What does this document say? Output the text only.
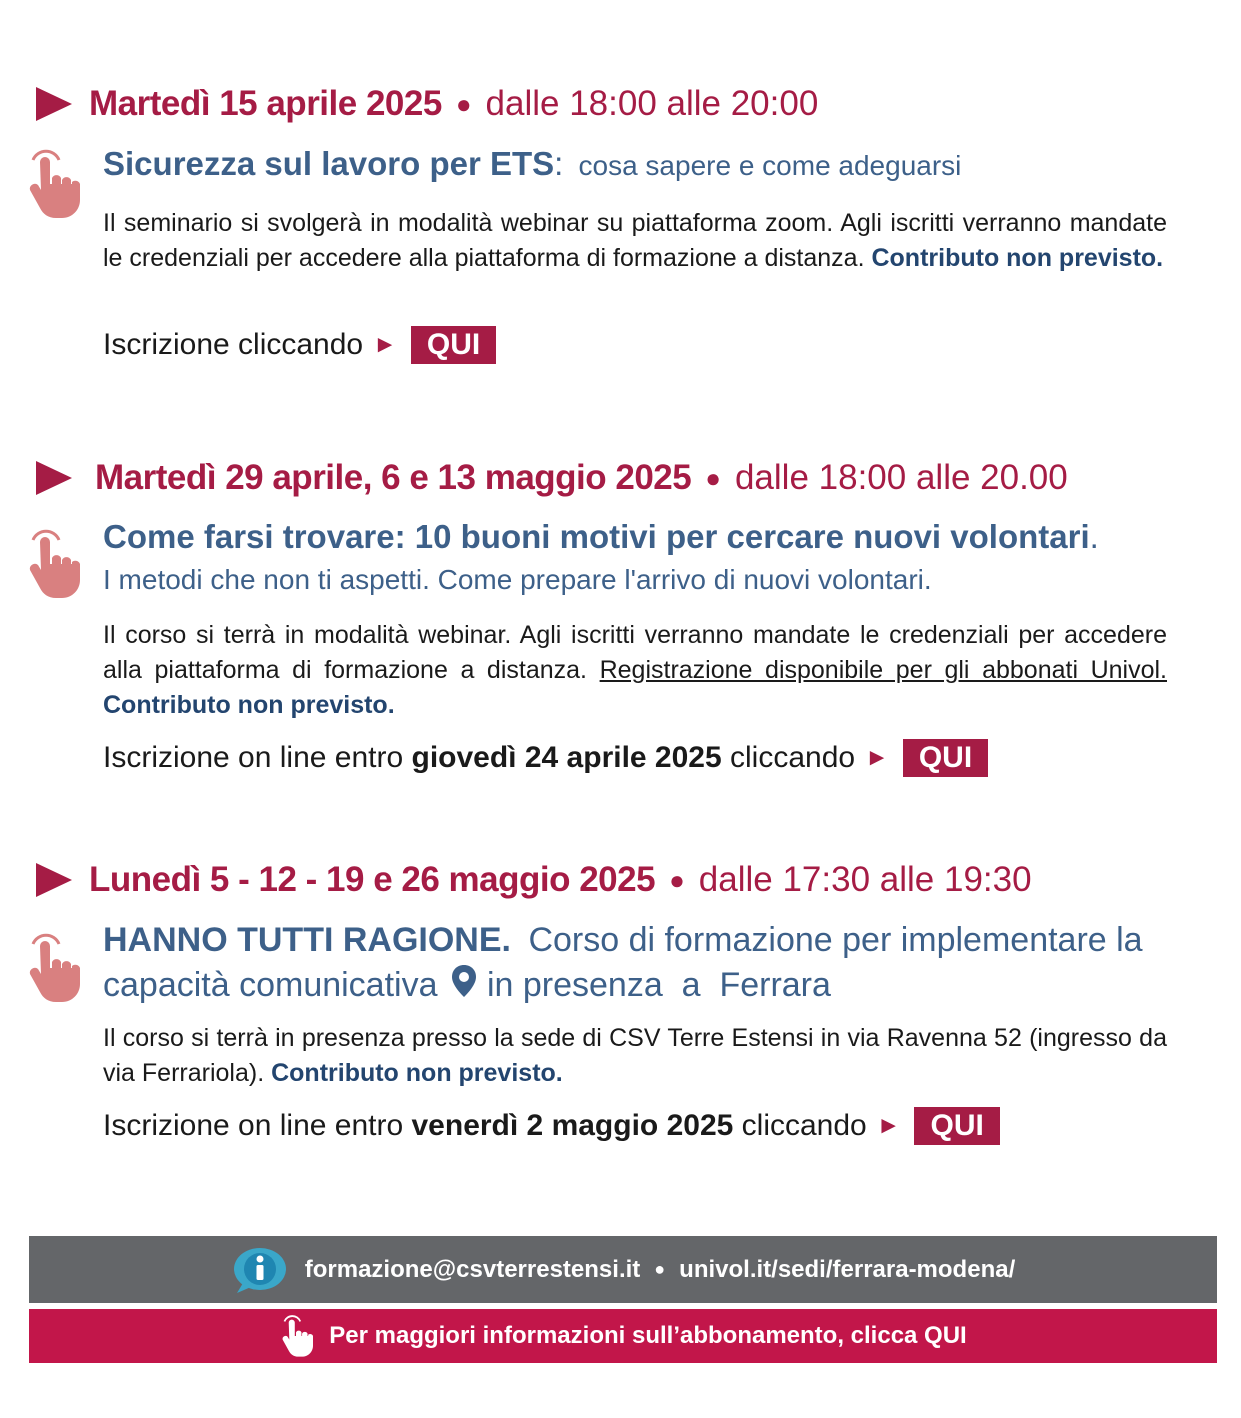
Martedì 15 aprile 2025 ● dalle 18:00 alle 20:00
Sicurezza sul lavoro per ETS: cosa sapere e come adeguarsi
Il seminario si svolgerà in modalità webinar su piattaforma zoom. Agli iscritti verranno mandate le credenziali per accedere alla piattaforma di formazione a distanza. Contributo non previsto.
Iscrizione cliccando ►	QUI
Martedì 29 aprile, 6 e 13 maggio 2025 ● dalle 18:00 alle 20.00
Come farsi trovare: 10 buoni motivi per cercare nuovi volontari.
I metodi che non ti aspetti. Come prepare l'arrivo di nuovi volontari.
Il corso si terrà in modalità webinar. Agli iscritti verranno mandate le credenziali per accedere alla piattaforma di formazione a distanza. Registrazione disponibile per gli abbonati Univol. Contributo non previsto.
Iscrizione on line entro giovedì 24 aprile 2025 cliccando ►	QUI
Lunedì 5 - 12 - 19 e 26 maggio 2025 ● dalle 17:30 alle 19:30
HANNO TUTTI RAGIONE. Corso di formazione per implementare la capacità comunicativa in presenza  a  Ferrara
Il corso si terrà in presenza presso la sede di CSV Terre Estensi in via Ravenna 52 (ingresso da via Ferrariola). Contributo non previsto.
Iscrizione on line entro venerdì 2 maggio 2025 cliccando ►	QUI
formazione@csvterrestensi.it ● univol.it/sedi/ferrara-modena/
Per maggiori informazioni sull’abbonamento, clicca QUI
